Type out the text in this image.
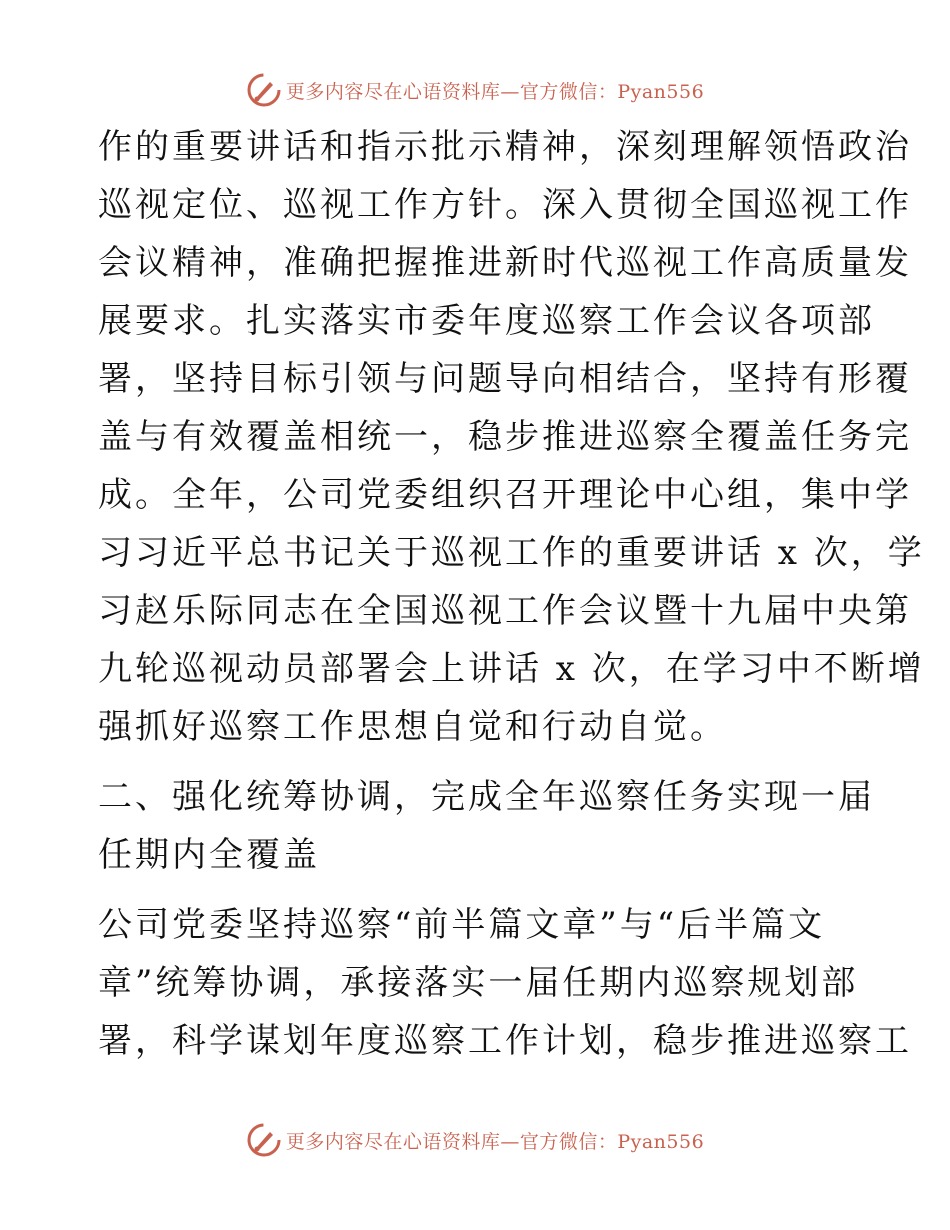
更多内容尽在心语资料库—官方微信：Pyan556

作的重要讲话和指示批示精神，深刻理解领悟政治
巡视定位、巡视工作方针。深入贯彻全国巡视工作
会议精神，准确把握推进新时代巡视工作高质量发
展要求。扎实落实市委年度巡察工作会议各项部
署，坚持目标引领与问题导向相结合，坚持有形覆
盖与有效覆盖相统一，稳步推进巡察全覆盖任务完
成。全年，公司党委组织召开理论中心组，集中学
习习近平总书记关于巡视工作的重要讲话 x 次，学
习赵乐际同志在全国巡视工作会议暨十九届中央第
九轮巡视动员部署会上讲话 x 次，在学习中不断增
强抓好巡察工作思想自觉和行动自觉。

二、强化统筹协调，完成全年巡察任务实现一届
任期内全覆盖

公司党委坚持巡察“前半篇文章”与“后半篇文
章”统筹协调，承接落实一届任期内巡察规划部
署，科学谋划年度巡察工作计划，稳步推进巡察工

更多内容尽在心语资料库—官方微信：Pyan556
